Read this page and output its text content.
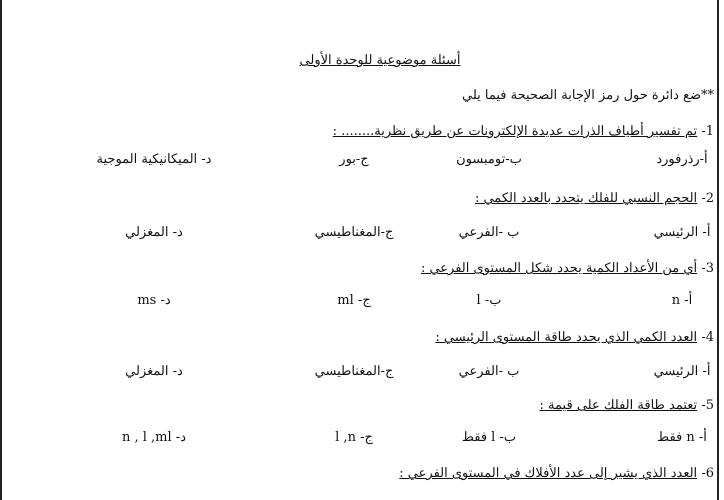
أسئلة موضوعية للوحدة الأولى
**ضع دائرة حول رمز الإجابة الصحيحة فيما يلي
1- تم تفسير أطياف الذرات عديدة الإلكترونات عن طريق نظرية........ :
أ-رذرفورد
ب-تومبسون
ج-بور
د- الميكانيكية الموجية
2- الحجم النسبي للفلك يتحدد بالعدد الكمي :
أ- الرئيسي
ب -الفرعي
ج-المغناطيسي
د- المغزلي
3- أي من الأعداد الكمية يحدد شكل المستوى الفرعي :
أ- n
ب- l
ج- ml
د- ms
4- العدد الكمي الذي يحدد طاقة المستوى الرئيسي :
أ- الرئيسي
ب -الفرعي
ج-المغناطيسي
د- المغزلي
5- تعتمد طاقة الفلك على قيمة :
أ- n فقط
ب- l فقط
ج- l ,n
د- n , l ,ml
6- العدد الذي يشير إلى عدد الأفلاك في المستوى الفرعي :
